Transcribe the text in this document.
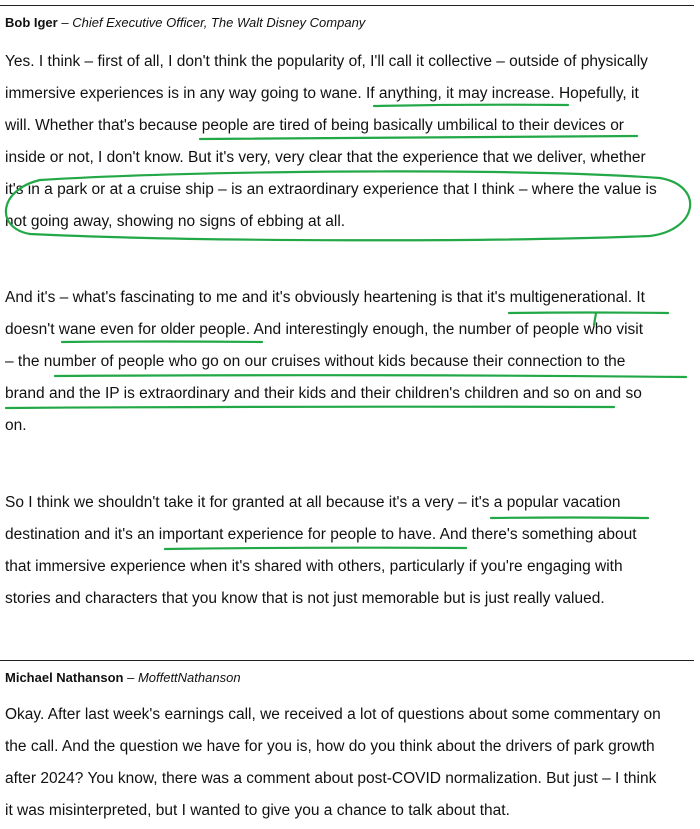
Bob Iger – Chief Executive Officer, The Walt Disney Company
Yes. I think – first of all, I don't think the popularity of, I'll call it collective – outside of physically
immersive experiences is in any way going to wane. If anything, it may increase. Hopefully, it
will. Whether that's because people are tired of being basically umbilical to their devices or
inside or not, I don't know. But it's very, very clear that the experience that we deliver, whether
it's in a park or at a cruise ship – is an extraordinary experience that I think – where the value is
not going away, showing no signs of ebbing at all.
And it's – what's fascinating to me and it's obviously heartening is that it's multigenerational. It
doesn't wane even for older people. And interestingly enough, the number of people who visit
– the number of people who go on our cruises without kids because their connection to the
brand and the IP is extraordinary and their kids and their children's children and so on and so
on.
So I think we shouldn't take it for granted at all because it's a very – it's a popular vacation
destination and it's an important experience for people to have. And there's something about
that immersive experience when it's shared with others, particularly if you're engaging with
stories and characters that you know that is not just memorable but is just really valued.
Michael Nathanson – MoffettNathanson
Okay. After last week's earnings call, we received a lot of questions about some commentary on
the call. And the question we have for you is, how do you think about the drivers of park growth
after 2024? You know, there was a comment about post-COVID normalization. But just – I think
it was misinterpreted, but I wanted to give you a chance to talk about that.
